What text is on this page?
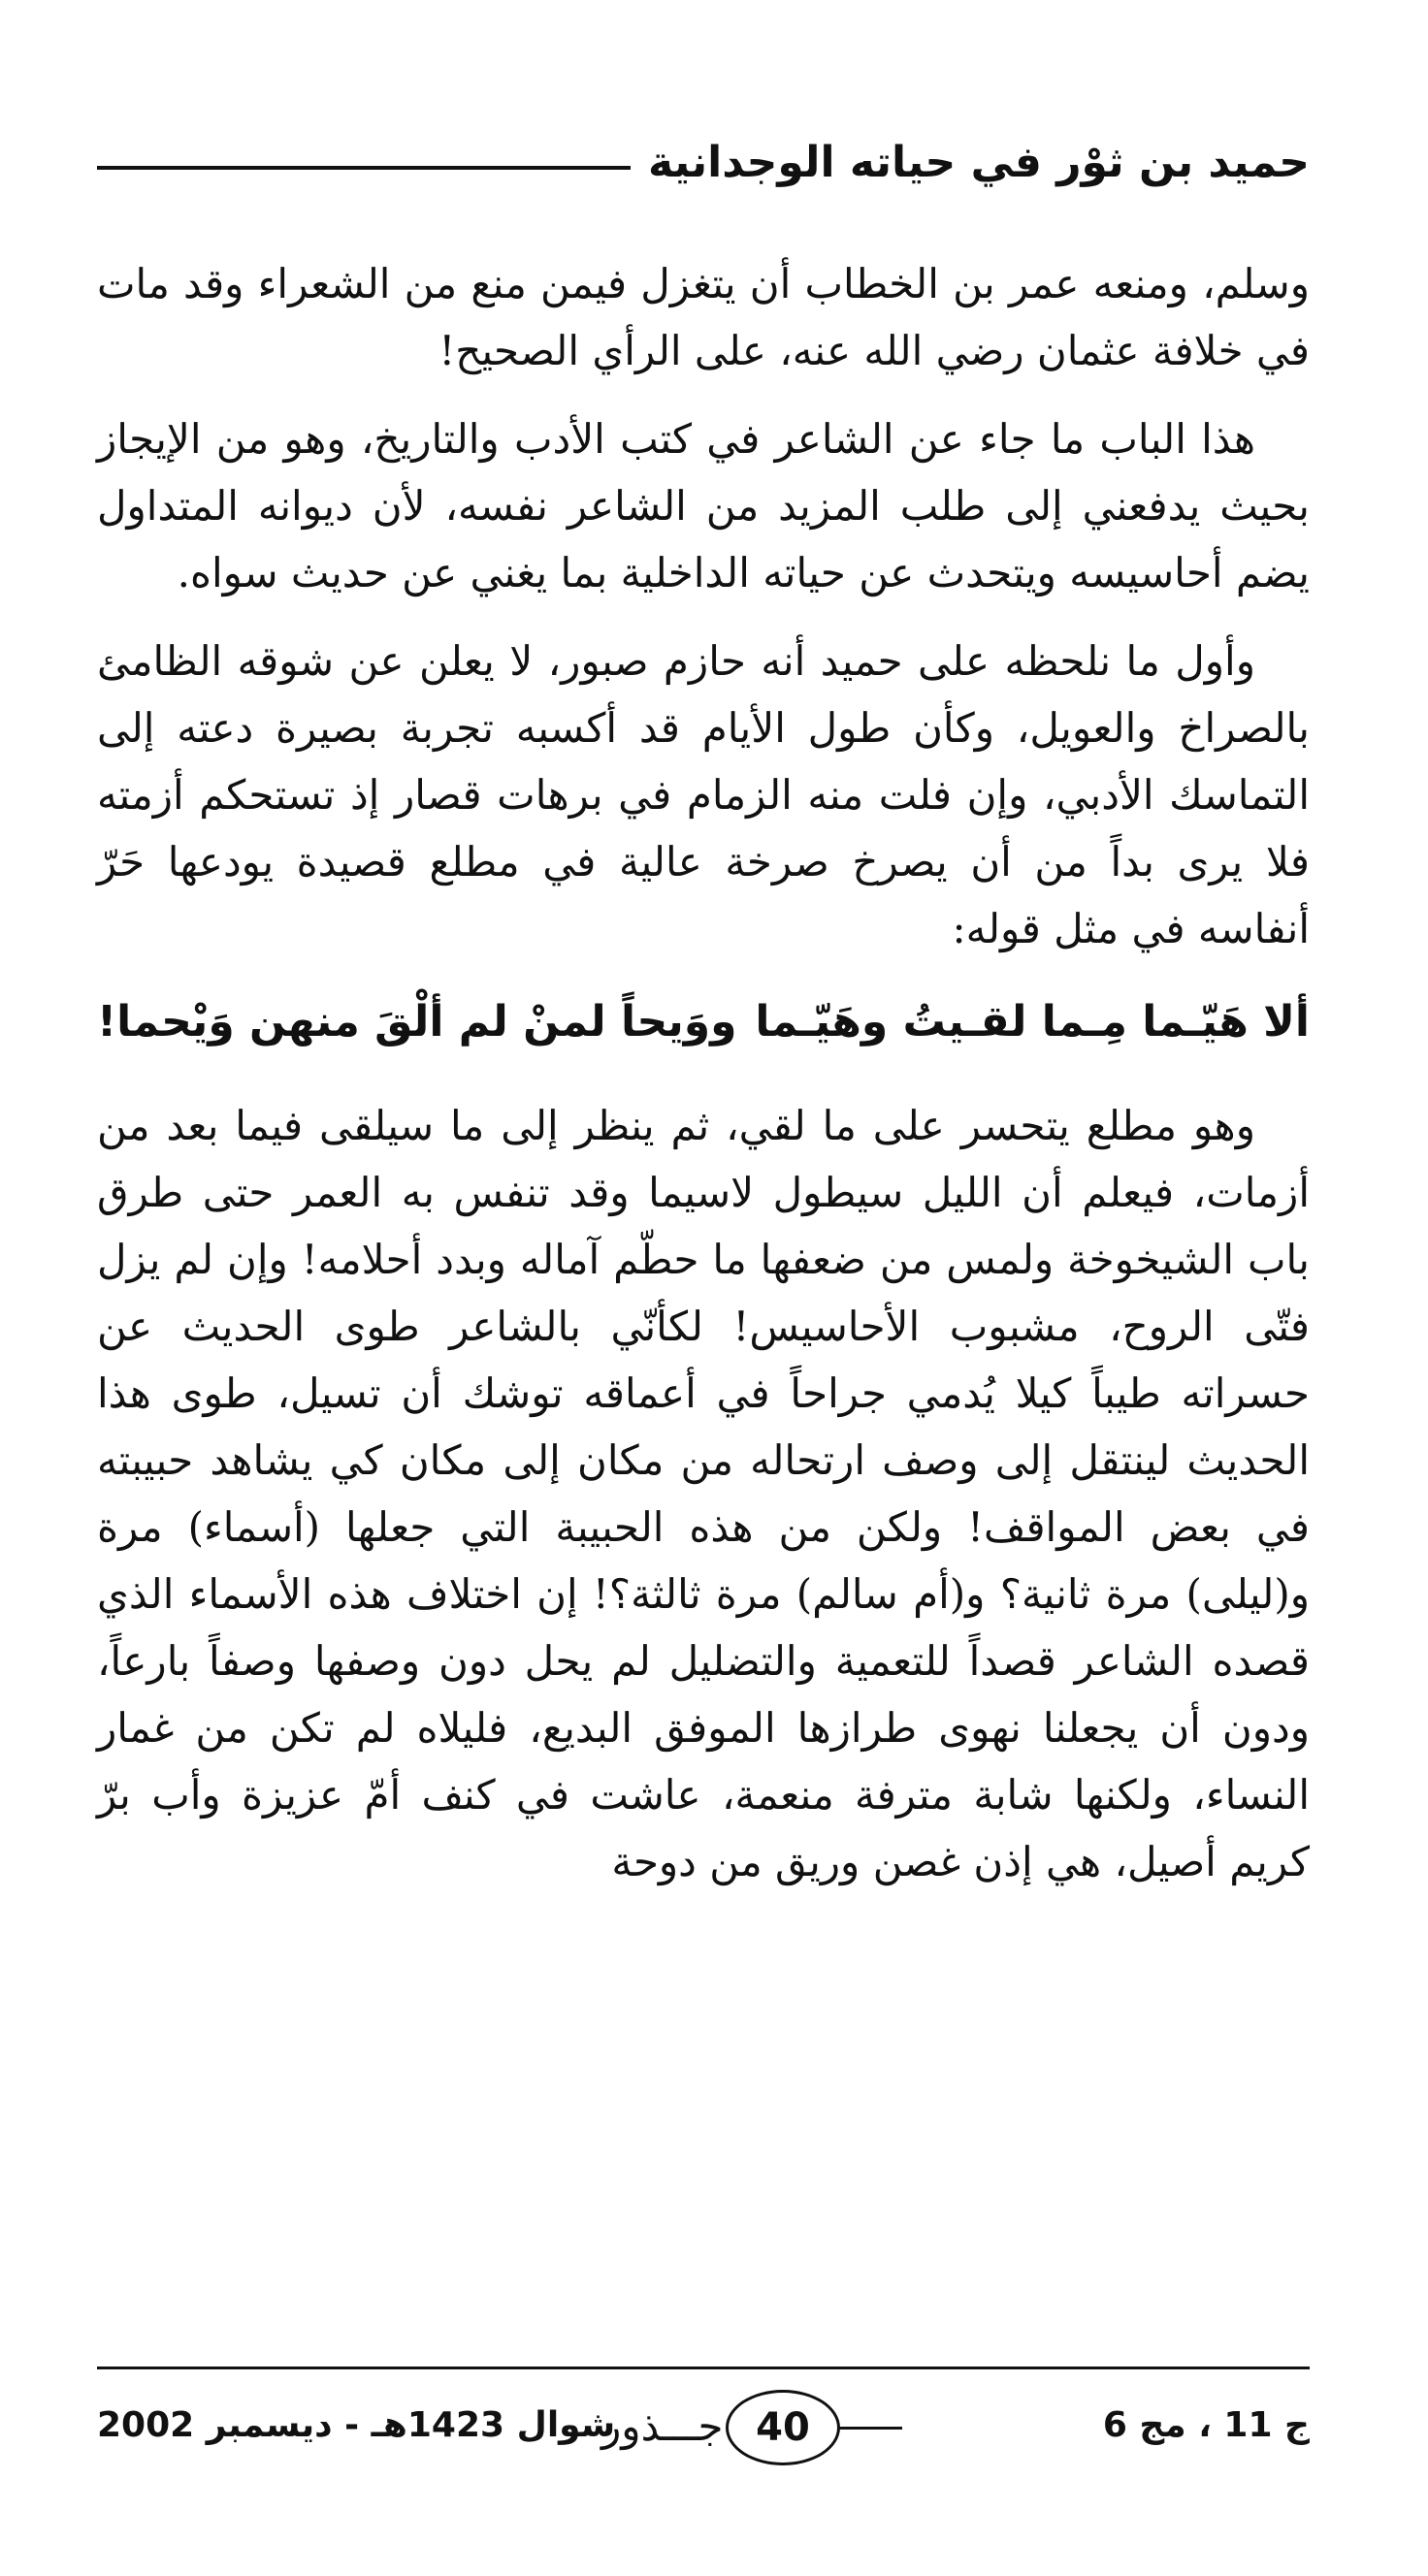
حميد بن ثوْر في حياته الوجدانية

وسلم، ومنعه عمر بن الخطاب أن يتغزل فيمن منع من الشعراء وقد مات في خلافة عثمان رضي الله عنه، على الرأي الصحيح!

هذا الباب ما جاء عن الشاعر في كتب الأدب والتاريخ، وهو من الإيجاز بحيث يدفعني إلى طلب المزيد من الشاعر نفسه، لأن ديوانه المتداول يضم أحاسيسه ويتحدث عن حياته الداخلية بما يغني عن حديث سواه.

وأول ما نلحظه على حميد أنه حازم صبور، لا يعلن عن شوقه الظامئ بالصراخ والعويل، وكأن طول الأيام قد أكسبه تجربة بصيرة دعته إلى التماسك الأدبي، وإن فلت منه الزمام في برهات قصار إذ تستحكم أزمته فلا يرى بداً من أن يصرخ صرخة عالية في مطلع قصيدة يودعها حَرّ أنفاسه في مثل قوله:

ألا هَيّـما مِـما لقـيتُ وهَيّـما
ووَيحاً لمنْ لم ألْقَ منهن وَيْحما!

وهو مطلع يتحسر على ما لقي، ثم ينظر إلى ما سيلقى فيما بعد من أزمات، فيعلم أن الليل سيطول لاسيما وقد تنفس به العمر حتى طرق باب الشيخوخة ولمس من ضعفها ما حطّم آماله وبدد أحلامه! وإن لم يزل فتّى الروح، مشبوب الأحاسيس! لكأنّي بالشاعر طوى الحديث عن حسراته طيباً كيلا يُدمي جراحاً في أعماقه توشك أن تسيل، طوى هذا الحديث لينتقل إلى وصف ارتحاله من مكان إلى مكان كي يشاهد حبيبته في بعض المواقف! ولكن من هذه الحبيبة التي جعلها (أسماء) مرة و(ليلى) مرة ثانية؟ و(أم سالم) مرة ثالثة؟! إن اختلاف هذه الأسماء الذي قصده الشاعر قصداً للتعمية والتضليل لم يحل دون وصفها وصفاً بارعاً، ودون أن يجعلنا نهوى طرازها الموفق البديع، فليلاه لم تكن من غمار النساء، ولكنها شابة مترفة منعمة، عاشت في كنف أمّ عزيزة وأب برّ كريم أصيل، هي إذن غصن وريق من دوحة

ج 11 ، مج 6
جـــذور 40
شوال 1423هـ - ديسمبر 2002
